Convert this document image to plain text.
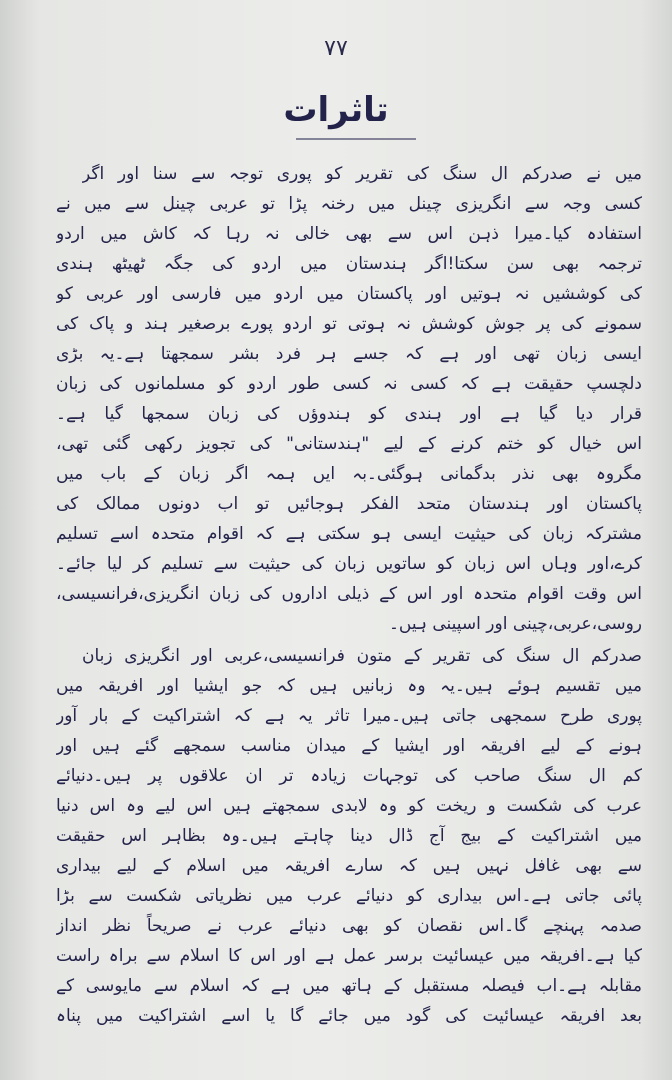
٧٧
تاثرات
میں نے صدرکم ال سنگ کی تقریر کو پوری توجہ سے سنا اور اگر
کسی وجہ سے انگریزی چینل میں رخنہ پڑا تو عربی چینل سے میں نے
استفادہ کیا۔میرا ذہن اس سے بھی خالی نہ رہا کہ کاش میں اردو
ترجمہ بھی سن سکتا!اگر ہندستان میں اردو کی جگہ ٹھیٹھ ہندی
کی کوششیں نہ ہوتیں اور پاکستان میں اردو میں فارسی اور عربی کو
سمونے کی پر جوش کوشش نہ ہوتی تو اردو پورے برصغیر ہند و پاک کی
ایسی زبان تھی اور ہے کہ جسے ہر فرد بشر سمجھتا ہے۔یہ بڑی
دلچسپ حقیقت ہے کہ کسی نہ کسی طور اردو کو مسلمانوں کی زبان
قرار دیا گیا ہے اور ہندی کو ہندوؤں کی زبان سمجھا گیا ہے۔
اس خیال کو ختم کرنے کے لیے "ہندستانی" کی تجویز رکھی گئی تھی،
مگروہ بھی نذر بدگمانی ہوگئی۔بہ ایں ہمہ اگر زبان کے باب میں
پاکستان اور ہندستان متحد الفکر ہوجائیں تو اب دونوں ممالک کی
مشترکہ زبان کی حیثیت ایسی ہو سکتی ہے کہ اقوام متحدہ اسے تسلیم
کرے،اور وہاں اس زبان کو ساتویں زبان کی حیثیت سے تسلیم کر لیا جائے۔
اس وقت اقوام متحدہ اور اس کے ذیلی اداروں کی زبان انگریزی،فرانسیسی،
روسی،عربی،چینی اور اسپینی ہیں۔
صدرکم ال سنگ کی تقریر کے متون فرانسیسی،عربی اور انگریزی زبان
میں تقسیم ہوئے ہیں۔یہ وہ زبانیں ہیں کہ جو ایشیا اور افریقہ میں
پوری طرح سمجھی جاتی ہیں۔میرا تاثر یہ ہے کہ اشتراکیت کے بار آور
ہونے کے لیے افریقہ اور ایشیا کے میدان مناسب سمجھے گئے ہیں اور
کم ال سنگ صاحب کی توجہات زیادہ تر ان علاقوں پر ہیں۔دنیائے
عرب کی شکست و ریخت کو وہ لابدی سمجھتے ہیں اس لیے وہ اس دنیا
میں اشتراکیت کے بیج آج ڈال دینا چاہتے ہیں۔وہ بظاہر اس حقیقت
سے بھی غافل نہیں ہیں کہ سارے افریقہ میں اسلام کے لیے بیداری
پائی جاتی ہے۔اس بیداری کو دنیائے عرب میں نظریاتی شکست سے بڑا
صدمہ پہنچے گا۔اس نقصان کو بھی دنیائے عرب نے صریحاً نظر انداز
کیا ہے۔افریقہ میں عیسائیت برسر عمل ہے اور اس کا اسلام سے براہ راست
مقابلہ ہے۔اب فیصلہ مستقبل کے ہاتھ میں ہے کہ اسلام سے مایوسی کے
بعد افریقہ عیسائیت کی گود میں جائے گا یا اسے اشتراکیت میں پناہ
